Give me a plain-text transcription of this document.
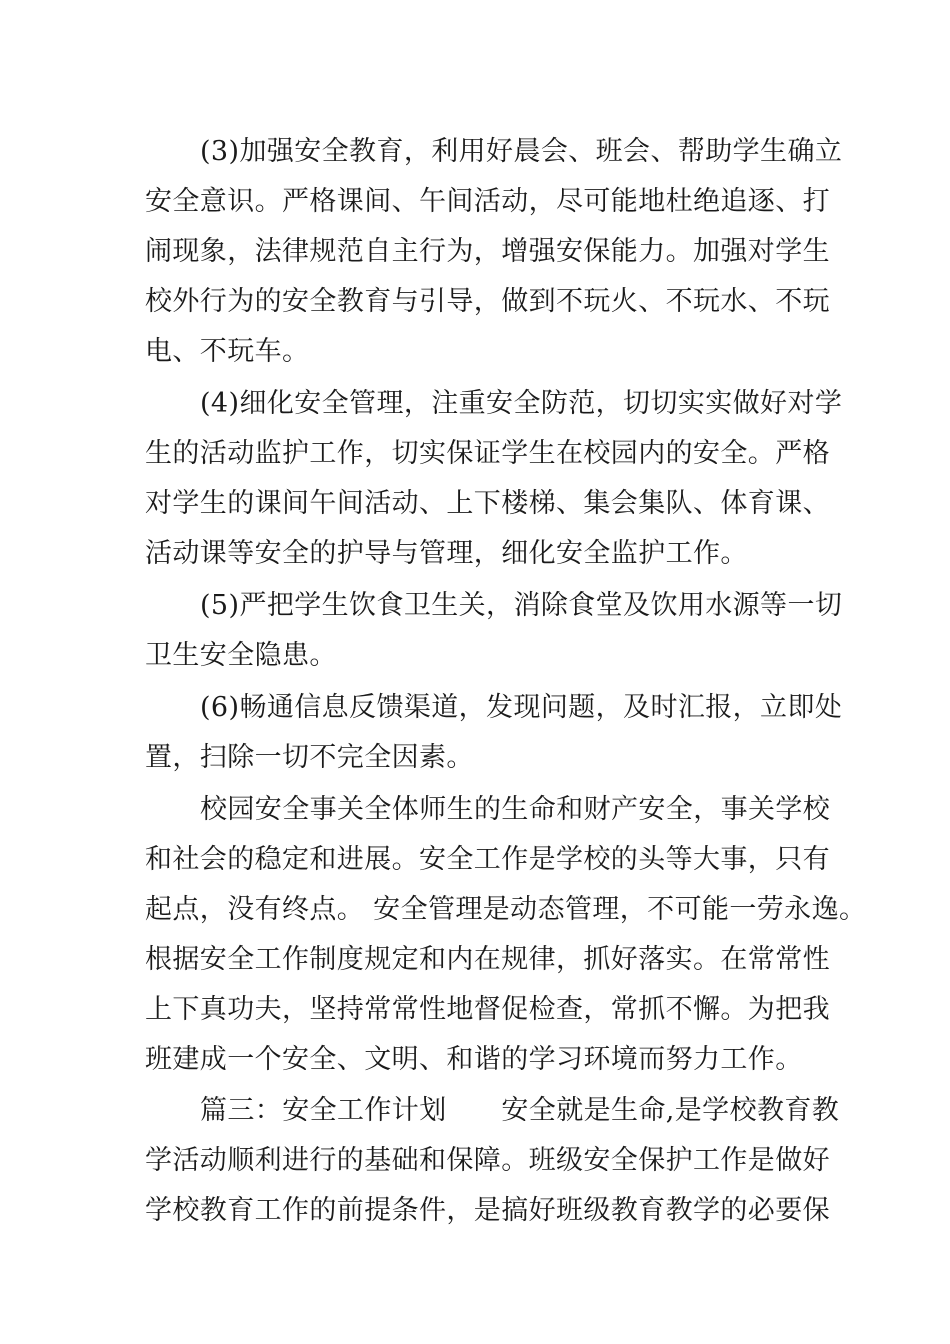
(3)加强安全教育，利用好晨会、班会、帮助学生确立
安全意识。严格课间、午间活动，尽可能地杜绝追逐、打
闹现象，法律规范自主行为，增强安保能力。加强对学生
校外行为的安全教育与引导，做到不玩火、不玩水、不玩
电、不玩车。

(4)细化安全管理，注重安全防范，切切实实做好对学
生的活动监护工作，切实保证学生在校园内的安全。严格
对学生的课间午间活动、上下楼梯、集会集队、体育课、
活动课等安全的护导与管理，细化安全监护工作。

(5)严把学生饮食卫生关，消除食堂及饮用水源等一切
卫生安全隐患。

(6)畅通信息反馈渠道，发现问题，及时汇报，立即处
置，扫除一切不完全因素。

校园安全事关全体师生的生命和财产安全，事关学校
和社会的稳定和进展。安全工作是学校的头等大事，只有
起点，没有终点。 安全管理是动态管理，不可能一劳永逸。
根据安全工作制度规定和内在规律，抓好落实。在常常性
上下真功夫，坚持常常性地督促检查，常抓不懈。为把我
班建成一个安全、文明、和谐的学习环境而努力工作。

篇三：安全工作计划　　安全就是生命,是学校教育教
学活动顺利进行的基础和保障。班级安全保护工作是做好
学校教育工作的前提条件，是搞好班级教育教学的必要保
